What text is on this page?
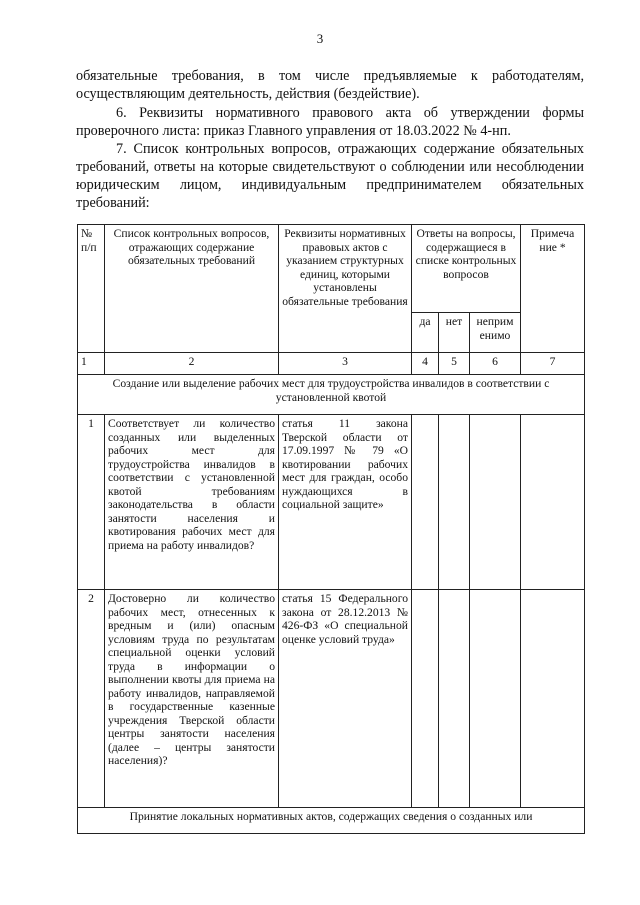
3
обязательные требования, в том числе предъявляемые к работодателям, осуществляющим деятельность, действия (бездействие).
6. Реквизиты нормативного правового акта об утверждении формы проверочного листа: приказ Главного управления от 18.03.2022 № 4-нп.
7. Список контрольных вопросов, отражающих содержание обязательных требований, ответы на которые свидетельствуют о соблюдении или несоблюдении юридическим лицом, индивидуальным предпринимателем обязательных требований:
№ п/п	Список контрольных вопросов, отражающих содержание обязательных требований	Реквизиты нормативных правовых актов с указанием структурных единиц, которыми установлены обязательные требования	Ответы на вопросы, содержащиеся в списке контрольных вопросов			Примеча ние *
			да	нет	неприм енимо	
1	2	3	4	5	6	7
Создание или выделение рабочих мест для трудоустройства инвалидов в соответствии с установленной квотой						
1	Соответствует ли количество созданных или выделенных рабочих мест для трудоустройства инвалидов в соответствии с установленной квотой требованиям законодательства в области занятости населения и квотирования рабочих мест для приема на работу инвалидов?	статья 11 закона Тверской области от 17.09.1997 № 79 «О квотировании рабочих мест для граждан, особо нуждающихся в социальной защите»				
2	Достоверно ли количество рабочих мест, отнесенных к вредным и (или) опасным условиям труда по результатам специальной оценки условий труда в информации о выполнении квоты для приема на работу инвалидов, направляемой в государственные казенные учреждения Тверской области центры занятости населения (далее – центры занятости населения)?	статья 15 Федерального закона от 28.12.2013 № 426-ФЗ «О специальной оценке условий труда»				
Принятие локальных нормативных актов, содержащих сведения о созданных или						
